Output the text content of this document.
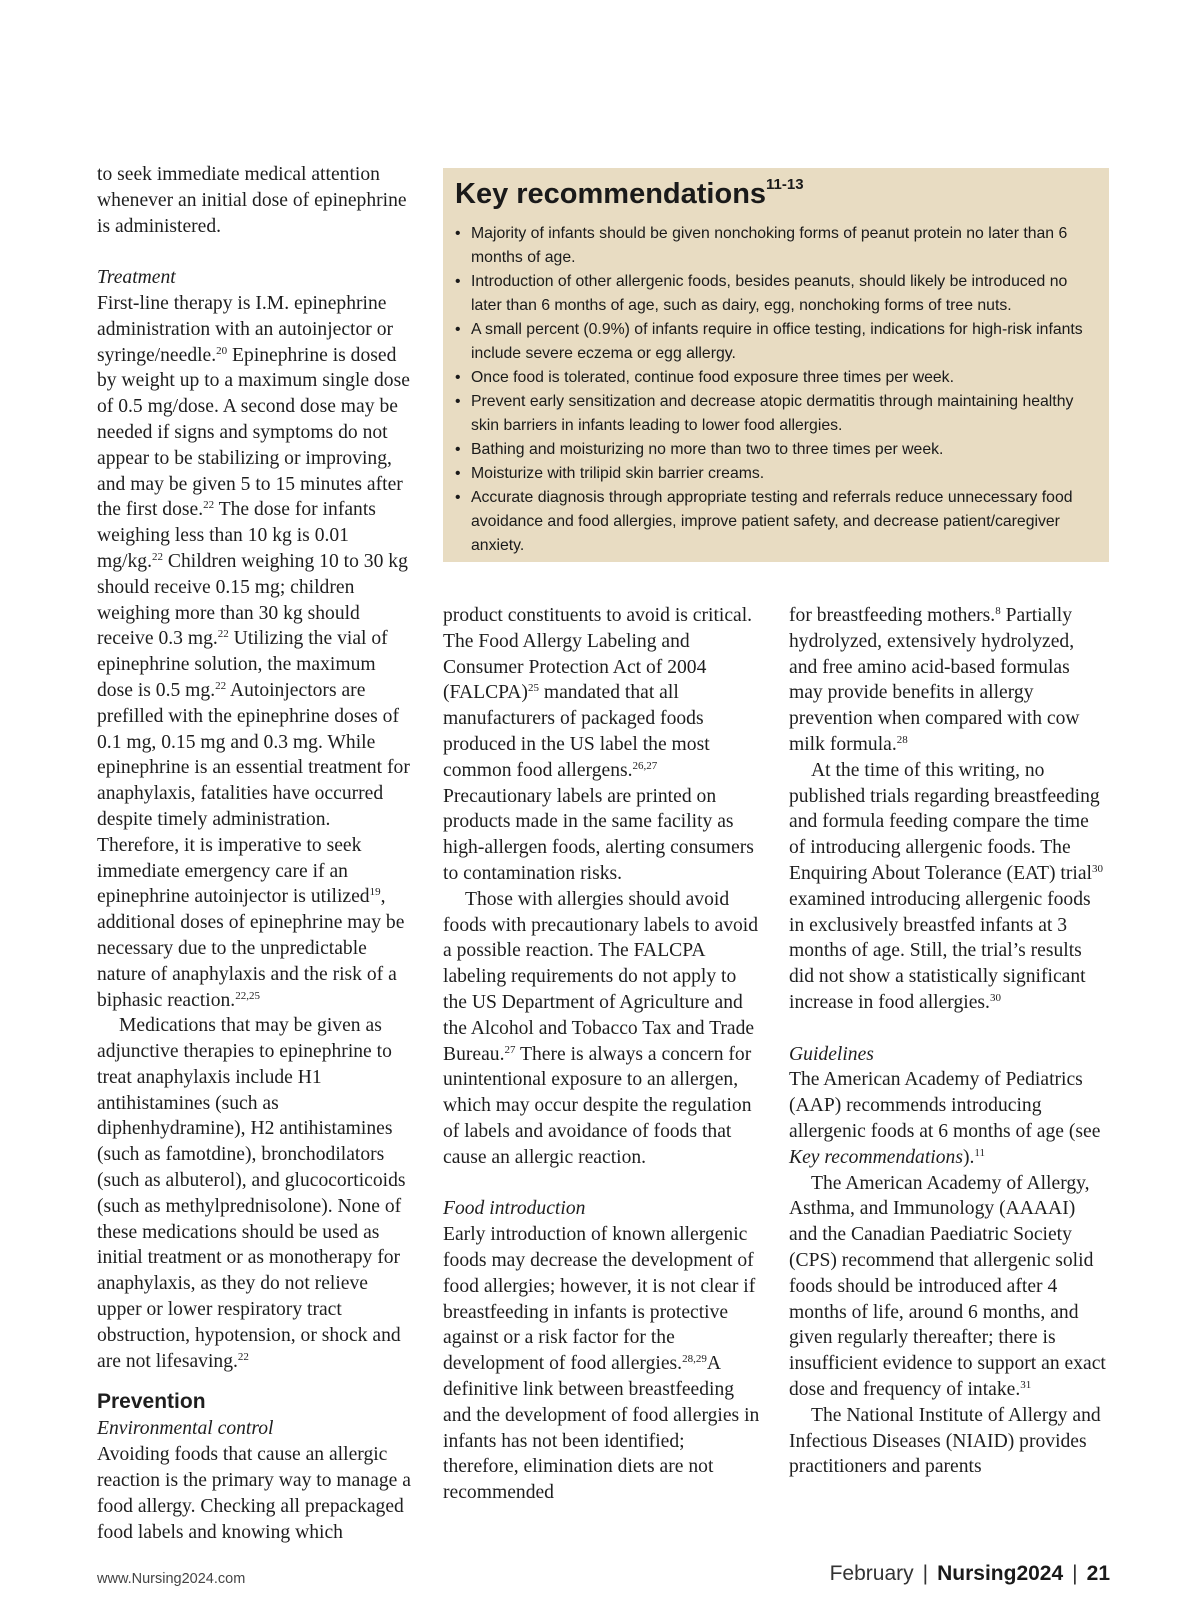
Key recommendations$^{11-13}$
• Majority of infants should be given nonchoking forms of peanut protein no later than 6 months of age.
• Introduction of other allergenic foods, besides peanuts, should likely be introduced no later than 6 months of age, such as dairy, egg, nonchoking forms of tree nuts.
• A small percent (0.9%) of infants require in office testing, indications for high-risk infants include severe eczema or egg allergy.
• Once food is tolerated, continue food exposure three times per week.
• Prevent early sensitization and decrease atopic dermatitis through maintaining healthy skin barriers in infants leading to lower food allergies.
• Bathing and moisturizing no more than two to three times per week.
• Moisturize with trilipid skin barrier creams.
• Accurate diagnosis through appropriate testing and referrals reduce unnecessary food avoidance and food allergies, improve patient safety, and decrease patient/caregiver anxiety.

to seek immediate medical attention whenever an initial dose of epinephrine is administered.

Treatment

First-line therapy is I.M. epinephrine administration with an autoinjector or syringe/needle.$^{20}$ Epinephrine is dosed by weight up to a maximum single dose of 0.5 mg/dose. A second dose may be needed if signs and symptoms do not appear to be stabilizing or improving, and may be given 5 to 15 minutes after the first dose.$^{22}$ The dose for infants weighing less than 10 kg is 0.01 mg/kg.$^{22}$ Children weighing 10 to 30 kg should receive 0.15 mg; children weighing more than 30 kg should receive 0.3 mg.$^{22}$ Utilizing the vial of epinephrine solution, the maximum dose is 0.5 mg.$^{22}$ Autoinjectors are prefilled with the epinephrine doses of 0.1 mg, 0.15 mg and 0.3 mg. While epinephrine is an essential treatment for anaphylaxis, fatalities have occurred despite timely administration. Therefore, it is imperative to seek immediate emergency care if an epinephrine autoinjector is utilized$^{19}$, additional doses of epinephrine may be necessary due to the unpredictable nature of anaphylaxis and the risk of a biphasic reaction.$^{22,25}$

Medications that may be given as adjunctive therapies to epinephrine to treat anaphylaxis include H1 antihistamines (such as diphenhydramine), H2 antihistamines (such as famotdine), bronchodilators (such as albuterol), and glucocorticoids (such as methylprednisolone). None of these medications should be used as initial treatment or as monotherapy for anaphylaxis, as they do not relieve upper or lower respiratory tract obstruction, hypotension, or shock and are not lifesaving.$^{22}$

Prevention

Environmental control

Avoiding foods that cause an allergic reaction is the primary way to manage a food allergy. Checking all prepackaged food labels and knowing which

product constituents to avoid is critical. The Food Allergy Labeling and Consumer Protection Act of 2004 (FALCPA)$^{25}$ mandated that all manufacturers of packaged foods produced in the US label the most common food allergens.$^{26,27}$ Precautionary labels are printed on products made in the same facility as high-allergen foods, alerting consumers to contamination risks.

Those with allergies should avoid foods with precautionary labels to avoid a possible reaction. The FALCPA labeling requirements do not apply to the US Department of Agriculture and the Alcohol and Tobacco Tax and Trade Bureau.$^{27}$ There is always a concern for unintentional exposure to an allergen, which may occur despite the regulation of labels and avoidance of foods that cause an allergic reaction.

Food introduction

Early introduction of known allergenic foods may decrease the development of food allergies; however, it is not clear if breastfeeding in infants is protective against or a risk factor for the development of food allergies.$^{28,29}$A definitive link between breastfeeding and the development of food allergies in infants has not been identified; therefore, elimination diets are not recommended

for breastfeeding mothers.$^8$ Partially hydrolyzed, extensively hydrolyzed, and free amino acid-based formulas may provide benefits in allergy prevention when compared with cow milk formula.$^{28}$

At the time of this writing, no published trials regarding breastfeeding and formula feeding compare the time of introducing allergenic foods. The Enquiring About Tolerance (EAT) trial$^{30}$ examined introducing allergenic foods in exclusively breastfed infants at 3 months of age. Still, the trial’s results did not show a statistically significant increase in food allergies.$^{30}$

Guidelines

The American Academy of Pediatrics (AAP) recommends introducing allergenic foods at 6 months of age (see Key recommendations).$^{11}$

The American Academy of Allergy, Asthma, and Immunology (AAAAI) and the Canadian Paediatric Society (CPS) recommend that allergenic solid foods should be introduced after 4 months of life, around 6 months, and given regularly thereafter; there is insufficient evidence to support an exact dose and frequency of intake.$^{31}$

The National Institute of Allergy and Infectious Diseases (NIAID) provides practitioners and parents

www.Nursing2024.com	February | Nursing2024 | 21
